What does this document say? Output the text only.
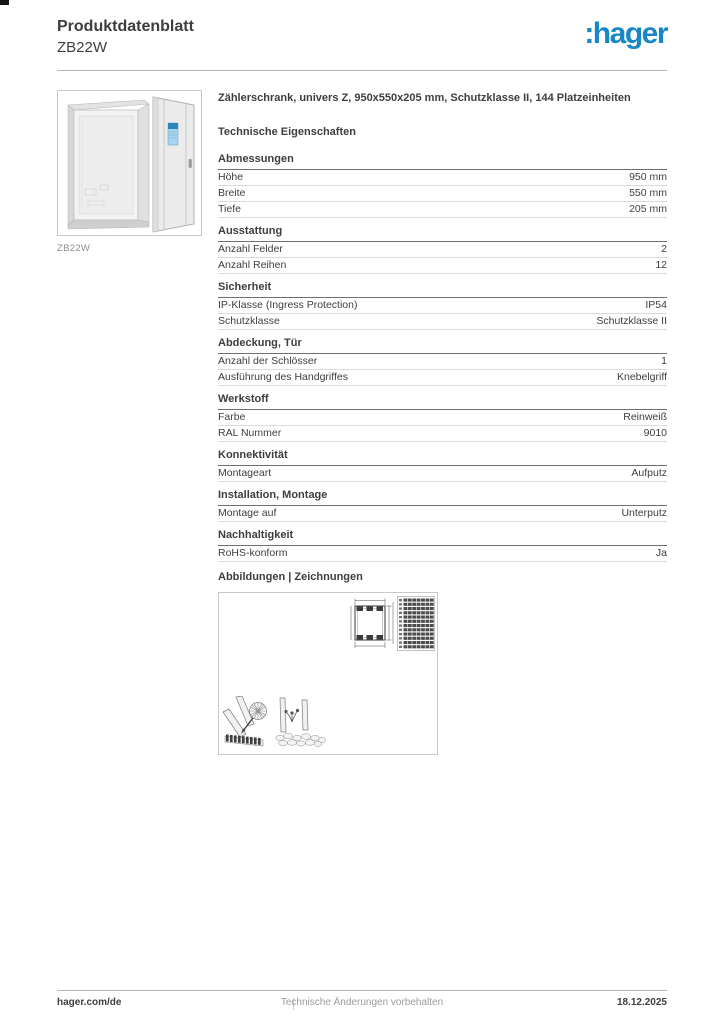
Produktdatenblatt
ZB22W	:hager
ZB22W
Zählerschrank, univers Z, 950x550x205 mm, Schutzklasse II, 144 Platzeinheiten
Technische Eigenschaften
Abmessungen
Höhe	950 mm
Breite	550 mm
Tiefe	205 mm
Ausstattung
Anzahl Felder	2
Anzahl Reihen	12
Sicherheit
IP-Klasse (Ingress Protection)	IP54
Schutzklasse	Schutzklasse II
Abdeckung, Tür
Anzahl der Schlösser	1
Ausführung des Handgriffes	Knebelgriff
Werkstoff
Farbe	Reinweiß
RAL Nummer	9010
Konnektivität
Montageart	Aufputz
Installation, Montage
Montage auf	Unterputz
Nachhaltigkeit
RoHS-konform	Ja
Abbildungen | Zeichnungen
hager.com/de	Technische Änderungen vorbehalten	18.12.2025
